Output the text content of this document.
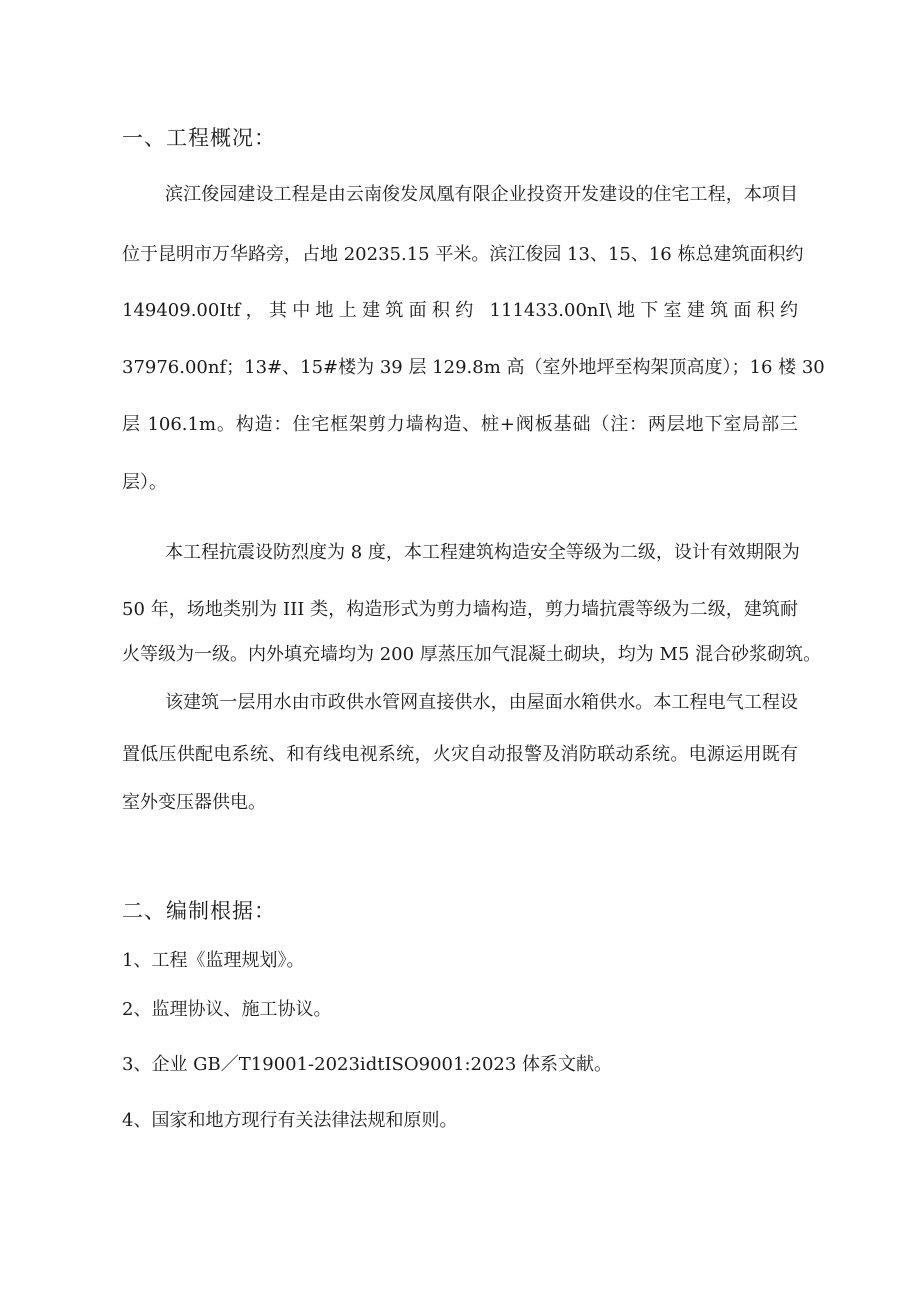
一、工程概况：
滨江俊园建设工程是由云南俊发凤凰有限企业投资开发建设的住宅工程，本项目
位于昆明市万华路旁，占地 20235.15 平米。滨江俊园 13、15、16 栋总建筑面积约
149409.00Itf，其中地上建筑面积约 111433.00nI\地下室建筑面积约
37976.00nf；13#、15#楼为 39 层 129.8m 高（室外地坪至构架顶高度）；16 楼 30
层 106.1m。构造：住宅框架剪力墙构造、桩+阀板基础（注：两层地下室局部三
层）。
本工程抗震设防烈度为 8 度，本工程建筑构造安全等级为二级，设计有效期限为
50 年，场地类别为 III 类，构造形式为剪力墙构造，剪力墙抗震等级为二级，建筑耐
火等级为一级。内外填充墙均为 200 厚蒸压加气混凝土砌块，均为 M5 混合砂浆砌筑。
该建筑一层用水由市政供水管网直接供水，由屋面水箱供水。本工程电气工程设
置低压供配电系统、和有线电视系统，火灾自动报警及消防联动系统。电源运用既有
室外变压器供电。
二、编制根据：
1、工程《监理规划》。
2、监理协议、施工协议。
3、企业 GB／T19001-2023idtISO9001:2023 体系文献。
4、国家和地方现行有关法律法规和原则。
